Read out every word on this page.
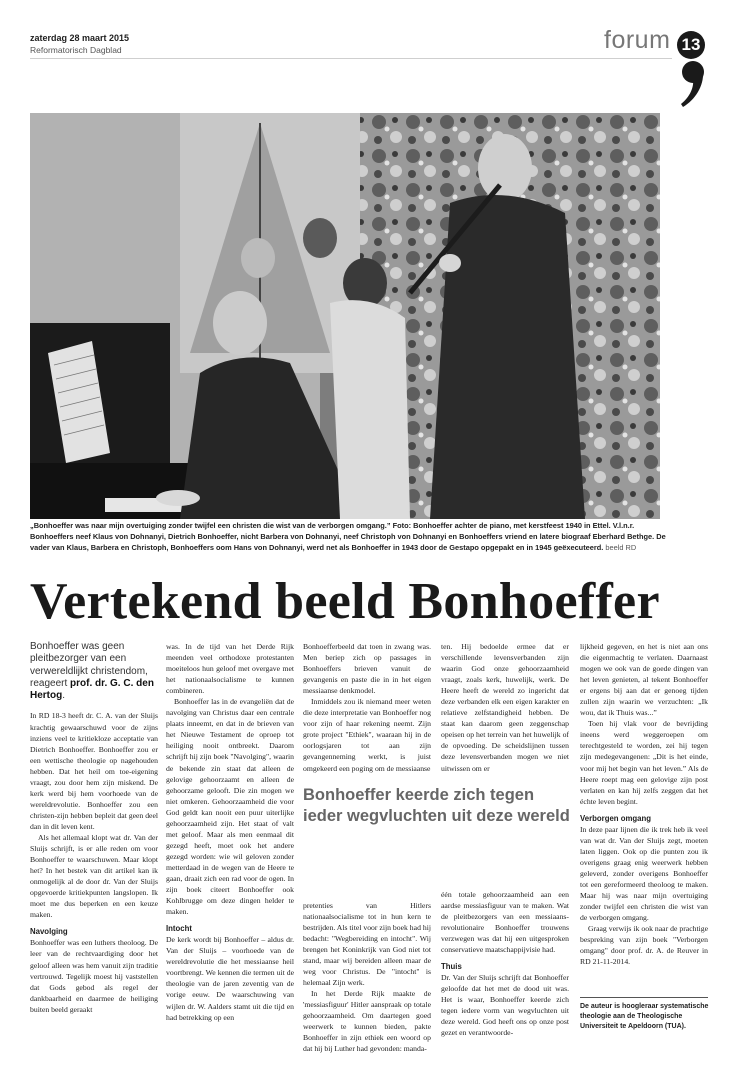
zaterdag 28 maart 2015
Reformatorisch Dagblad	forum 13
„Bonhoeffer was naar mijn overtuiging zonder twijfel een christen die wist van de verborgen omgang.” Foto: Bonhoeffer achter de piano, met kerstfeest 1940 in Ettel. V.l.n.r. Bonhoeffers neef Klaus von Dohnanyi, Dietrich Bonhoeffer, nicht Barbera von Dohnanyi, neef Christoph von Dohnanyi en Bonhoeffers vriend en latere biograaf Eberhard Bethge. De vader van Klaus, Barbera en Christoph, Bonhoeffers oom Hans von Dohnanyi, werd net als Bonhoeffer in 1943 door de Gestapo opgepakt en in 1945 geëxecuteerd. beeld RD
Vertekend beeld Bonhoeffer

Bonhoeffer was geen pleitbezorger van een verwereldlijkt christendom, reageert prof. dr. G. C. den Hertog.

In RD 18-3 heeft dr. C. A. van der Sluijs krachtig gewaarschuwd voor de zijns inziens veel te kritiekloze acceptatie van Dietrich Bonhoeffer. Bonhoeffer zou er een wettische theologie op nagehouden hebben. Dat het heil om toe-eigening vraagt, zou door hem zijn miskend. De kerk werd bij hem voorhoede van de wereldrevolutie. Bonhoeffer zou een christen-zijn hebben bepleit dat geen deel dan in dit leven kent.

Als het allemaal klopt wat dr. Van der Sluijs schrijft, is er alle reden om voor Bonhoeffer te waarschuwen. Maar klopt het? In het bestek van dit artikel kan ik onmogelijk al de door dr. Van der Sluijs opgevoerde kritiekpunten langslopen. Ik moet me dus beperken en een keuze maken.

Navolging

Bonhoeffer was een luthers theoloog. De leer van de rechtvaardiging door het geloof alleen was hem vanuit zijn traditie vertrouwd. Tegelijk moest hij vaststellen dat Gods gebod als regel der dankbaarheid en daarmee de heiliging buiten beeld geraakt

was. In de tijd van het Derde Rijk meenden veel orthodoxe protestanten moeiteloos hun geloof met overgave met het nationaalsocialisme te kunnen combineren.

Bonhoeffer las in de evangeliën dat de navolging van Christus daar een centrale plaats inneemt, en dat in de brieven van het Nieuwe Testament de oproep tot heiliging nooit ontbreekt. Daarom schrijft hij zijn boek "Navolging", waarin de bekende zin staat dat alleen de gelovige gehoorzaamt en alleen de gehoorzame gelooft. Die zin mogen we niet omkeren. Gehoorzaamheid die voor God geldt kan nooit een puur uiterlijke gehoorzaamheid zijn. Het staat of valt met geloof. Maar als men eenmaal dit gezegd heeft, moet ook het andere gezegd worden: wie wil geloven zonder metterdaad in de wegen van de Heere te gaan, draait zich een rad voor de ogen. In zijn boek citeert Bonhoeffer ook Kohlbrugge om deze dingen helder te maken.

Intocht

De kerk wordt bij Bonhoeffer – aldus dr. Van der Sluijs – voorhoede van de wereldrevolutie die het messiaanse heil voortbrengt. We kennen die termen uit de theologie van de jaren zeventig van de vorige eeuw. De waarschuwing van wijlen dr. W. Aalders stamt uit die tijd en had betrekking op een

Bonhoefferbeeld dat toen in zwang was. Men beriep zich op passages in Bonhoeffers brieven vanuit de gevangenis en paste die in in het eigen messiaanse denkmodel.

Inmiddels zou ik niemand meer weten die deze interpretatie van Bonhoeffer nog voor zijn of haar rekening neemt. Zijn grote project "Ethiek", waaraan hij in de oorlogsjaren tot aan zijn gevangenneming werkt, is juist omgekeerd een poging om de messiaanse

pretenties van Hitlers nationaalsocialisme tot in hun kern te bestrijden. Als titel voor zijn boek had hij bedacht: "Wegbereiding en intocht". Wij brengen het Koninkrijk van God niet tot stand, maar wij bereiden alleen maar de weg voor Christus. De "intocht" is helemaal Zijn werk.

In het Derde Rijk maakte de 'messiasfiguur' Hitler aanspraak op totale gehoorzaamheid. Om daartegen goed weerwerk te kunnen bieden, pakte Bonhoeffer in zijn ethiek een woord op dat hij bij Luther had gevonden: manda-

ten. Hij bedoelde ermee dat er verschillende levensverbanden zijn waarin God onze gehoorzaamheid vraagt, zoals kerk, huwelijk, werk. De Heere heeft de wereld zo ingericht dat deze verbanden elk een eigen karakter en relatieve zelfstandigheid hebben. De staat kan daarom geen zeggenschap opeisen op het terrein van het huwelijk of de opvoeding. De scheidslijnen tussen deze levensverbanden mogen we niet uitwissen om er

één totale gehoorzaamheid aan een aardse messiasfiguur van te maken. Wat de pleitbezorgers van een messiaans-revolutionaire Bonhoeffer trouwens verzwegen was dat hij een uitgesproken conservatieve maatschappijvisie had.

Thuis

Dr. Van der Sluijs schrijft dat Bonhoeffer geloofde dat het met de dood uit was. Het is waar, Bonhoeffer keerde zich tegen iedere vorm van wegvluchten uit deze wereld. God heeft ons op onze post gezet en verantwoorde-

lijkheid gegeven, en het is niet aan ons die eigenmachtig te verlaten. Daarnaast mogen we ook van de goede dingen van het leven genieten, al tekent Bonhoeffer er ergens bij aan dat er genoeg tijden zullen zijn waarin we verzuchten: „Ik wou, dat ik Thuis was...”

Toen hij vlak voor de bevrijding ineens werd weggeroepen om terechtgesteld te worden, zei hij tegen zijn medegevangenen: „Dit is het einde, voor mij het begin van het leven.” Als de Heere roept mag een gelovige zijn post verlaten en kan hij zelfs zeggen dat het échte leven begint.

Verborgen omgang

In deze paar lijnen die ik trek heb ik veel van wat dr. Van der Sluijs zegt, moeten laten liggen. Ook op die punten zou ik overigens graag enig weerwerk hebben geleverd, zonder overigens Bonhoeffer tot een gereformeerd theoloog te maken. Maar hij was naar mijn overtuiging zonder twijfel een christen die wist van de verborgen omgang.

Graag verwijs ik ook naar de prachtige bespreking van zijn boek "Verborgen omgang" door prof. dr. A. de Reuver in RD 21-11-2014.

Bonhoeffer keerde zich tegen ieder wegvluchten uit deze wereld
De auteur is hoogleraar systematische theologie aan de Theologische Universiteit te Apeldoorn (TUA).
